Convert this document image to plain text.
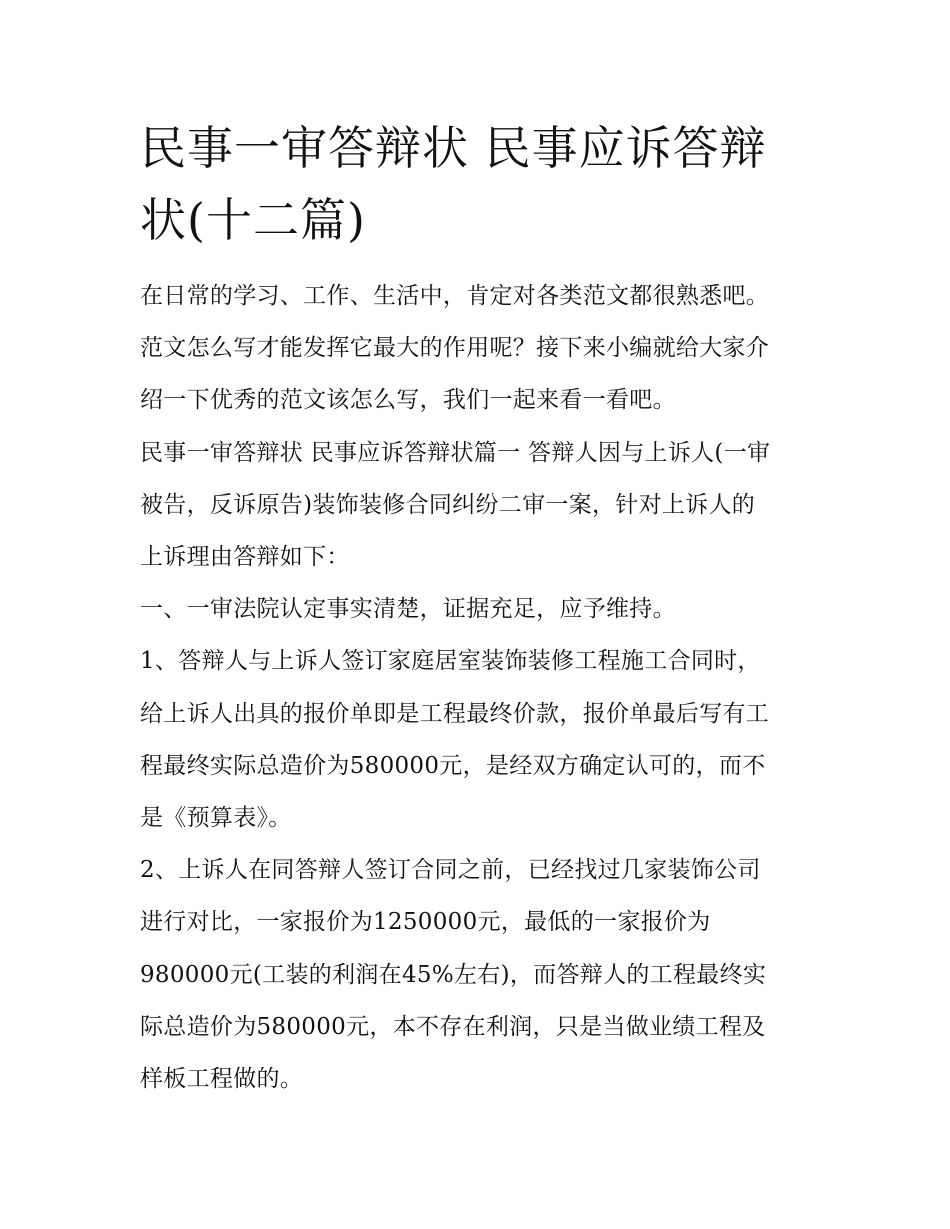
民事一审答辩状 民事应诉答辩 状(十二篇)

在日常的学习、工作、生活中，肯定对各类范文都很熟悉吧。
范文怎么写才能发挥它最大的作用呢？接下来小编就给大家介
绍一下优秀的范文该怎么写，我们一起来看一看吧。

民事一审答辩状 民事应诉答辩状篇一 答辩人因与上诉人(一审
被告，反诉原告)装饰装修合同纠纷二审一案，针对上诉人的
上诉理由答辩如下：

一、一审法院认定事实清楚，证据充足，应予维持。

1、答辩人与上诉人签订家庭居室装饰装修工程施工合同时，
给上诉人出具的报价单即是工程最终价款，报价单最后写有工
程最终实际总造价为580000元，是经双方确定认可的，而不
是《预算表》。

2、上诉人在同答辩人签订合同之前，已经找过几家装饰公司
进行对比，一家报价为1250000元，最低的一家报价为
980000元(工装的利润在45%左右)，而答辩人的工程最终实
际总造价为580000元，本不存在利润，只是当做业绩工程及
样板工程做的。
